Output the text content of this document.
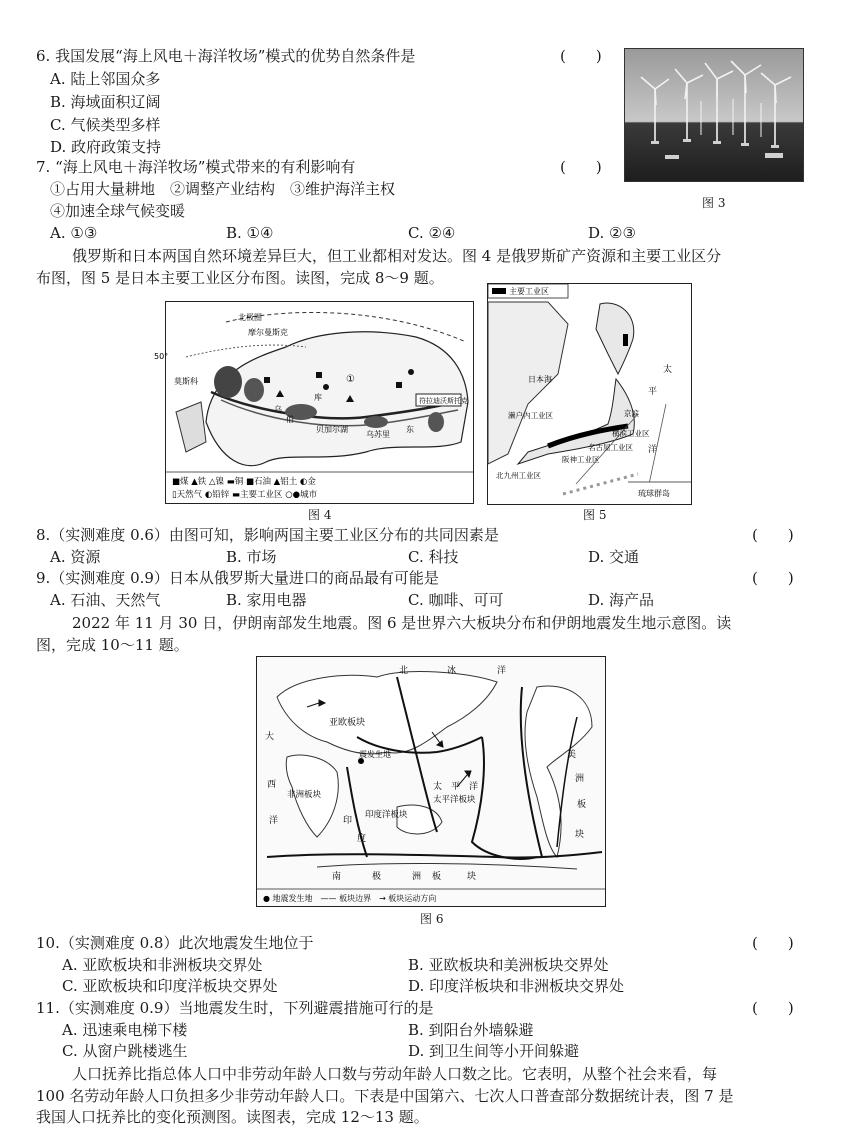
6. 我国发展“海上风电＋海洋牧场”模式的优势自然条件是	(　　)
A. 陆上邻国众多
B. 海域面积辽阔
C. 气候类型多样
D. 政府政策支持
7. “海上风电＋海洋牧场”模式带来的有利影响有	(　　)
①占用大量耕地　②调整产业结构　③维护海洋主权
④加速全球气候变暖
A. ①③	B. ①④	C. ②④	D. ②③
图 3
俄罗斯和日本两国自然环境差异巨大，但工业都相对发达。图 4 是俄罗斯矿产资源和主要工业区分
布图，图 5 是日本主要工业区分布图。读图，完成 8～9 题。
北极圈
摩尔曼斯克
50°
莫斯科	①
乌
库
伯
贝加尔湖	东
符拉迪沃斯托克
乌苏里
■煤 ▲铁 △镍 ▬铜 ■石油 ▲铝土 ◐金
▯天然气 ◐铅锌 ▬主要工业区 ○●城市
图 4
主要工业区
日本海
濑户内工业区	京滨
横滨工业区
名古屋工业区
阪神工业区
北九州工业区
太
平
洋
琉球群岛
图 5
8.（实测难度 0.6）由图可知，影响两国主要工业区分布的共同因素是	(　　)
A. 资源	B. 市场	C. 科技	D. 交通
9.（实测难度 0.9）日本从俄罗斯大量进口的商品最有可能是	(　　)
A. 石油、天然气	B. 家用电器	C. 咖啡、可可	D. 海产品
2022 年 11 月 30 日，伊朗南部发生地震。图 6 是世界六大板块分布和伊朗地震发生地示意图。读
图，完成 10～11 题。
北	冰	洋
亚欧板块
震发生地
大
西
洋
非洲板块
印
度
印度洋板块
太　平　洋
太平洋板块
美
洲
板
块
南	极	洲 板	块
● 地震发生地　—— 板块边界　→ 板块运动方向
图 6
10.（实测难度 0.8）此次地震发生地位于	(　　)
A. 亚欧板块和非洲板块交界处	B. 亚欧板块和美洲板块交界处
C. 亚欧板块和印度洋板块交界处	D. 印度洋板块和非洲板块交界处
11.（实测难度 0.9）当地震发生时，下列避震措施可行的是	(　　)
A. 迅速乘电梯下楼	B. 到阳台外墙躲避
C. 从窗户跳楼逃生	D. 到卫生间等小开间躲避
人口抚养比指总体人口中非劳动年龄人口数与劳动年龄人口数之比。它表明，从整个社会来看，每
100 名劳动年龄人口负担多少非劳动年龄人口。下表是中国第六、七次人口普查部分数据统计表，图 7 是
我国人口抚养比的变化预测图。读图表，完成 12～13 题。
